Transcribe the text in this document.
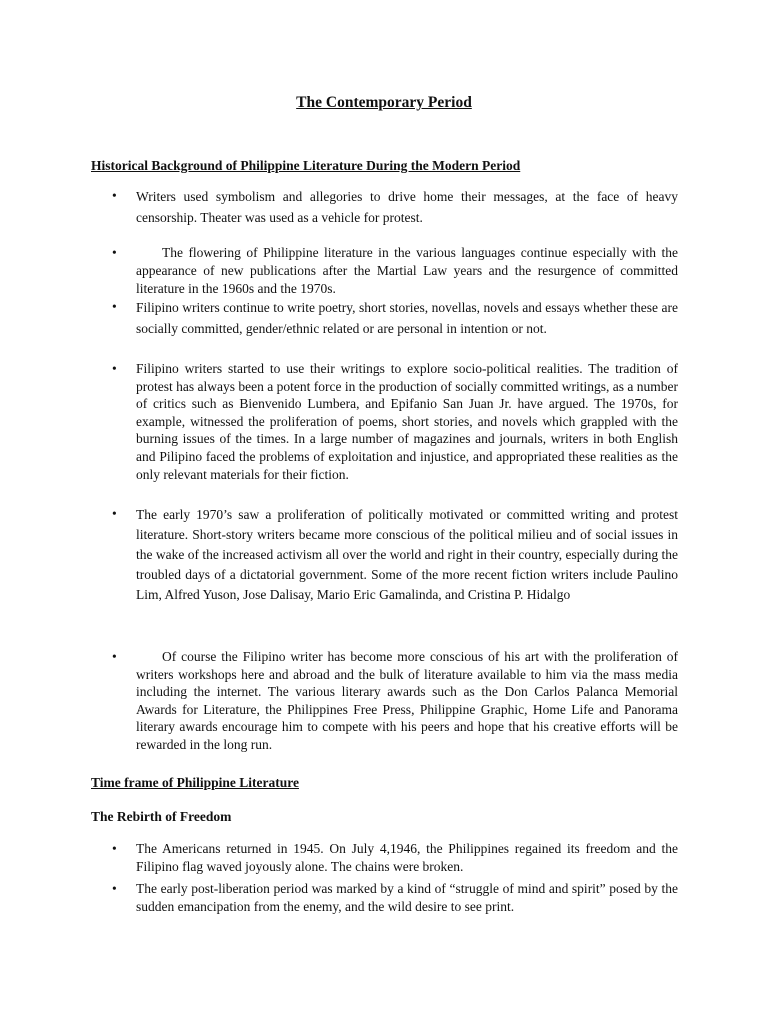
The Contemporary Period
Historical Background of Philippine Literature During the Modern Period
•	Writers used symbolism and allegories to drive home their messages, at the face of heavy censorship. Theater was used as a vehicle for protest.

•	The flowering of Philippine literature in the various languages continue especially with the appearance of new publications after the Martial Law years and the resurgence of committed literature in the 1960s and the 1970s.

•	Filipino writers continue to write poetry, short stories, novellas, novels and essays whether these are socially committed, gender/ethnic related or are personal in intention or not.

•	Filipino writers started to use their writings to explore socio-political realities. The tradition of protest has always been a potent force in the production of socially committed writings, as a number of critics such as Bienvenido Lumbera, and Epifanio San Juan Jr. have argued. The 1970s, for example, witnessed the proliferation of poems, short stories, and novels which grappled with the burning issues of the times. In a large number of magazines and journals, writers in both English and Pilipino faced the problems of exploitation and injustice, and appropriated these realities as the only relevant materials for their fiction.

•	The early 1970’s saw a proliferation of politically motivated or committed writing and protest literature. Short-story writers became more conscious of the political milieu and of social issues in the wake of the increased activism all over the world and right in their country, especially during the troubled days of a dictatorial government. Some of the more recent fiction writers include Paulino Lim, Alfred Yuson, Jose Dalisay, Mario Eric Gamalinda, and Cristina P. Hidalgo

•	Of course the Filipino writer has become more conscious of his art with the proliferation of writers workshops here and abroad and the bulk of literature available to him via the mass media including the internet. The various literary awards such as the Don Carlos Palanca Memorial Awards for Literature, the Philippines Free Press, Philippine Graphic, Home Life and Panorama literary awards encourage him to compete with his peers and hope that his creative efforts will be rewarded in the long run.

Time frame of Philippine Literature
The Rebirth of Freedom
•	The Americans returned in 1945. On July 4,1946, the Philippines regained its freedom and the Filipino flag waved joyously alone. The chains were broken.

•	The early post-liberation period was marked by a kind of “struggle of mind and spirit” posed by the sudden emancipation from the enemy, and the wild desire to see print.
